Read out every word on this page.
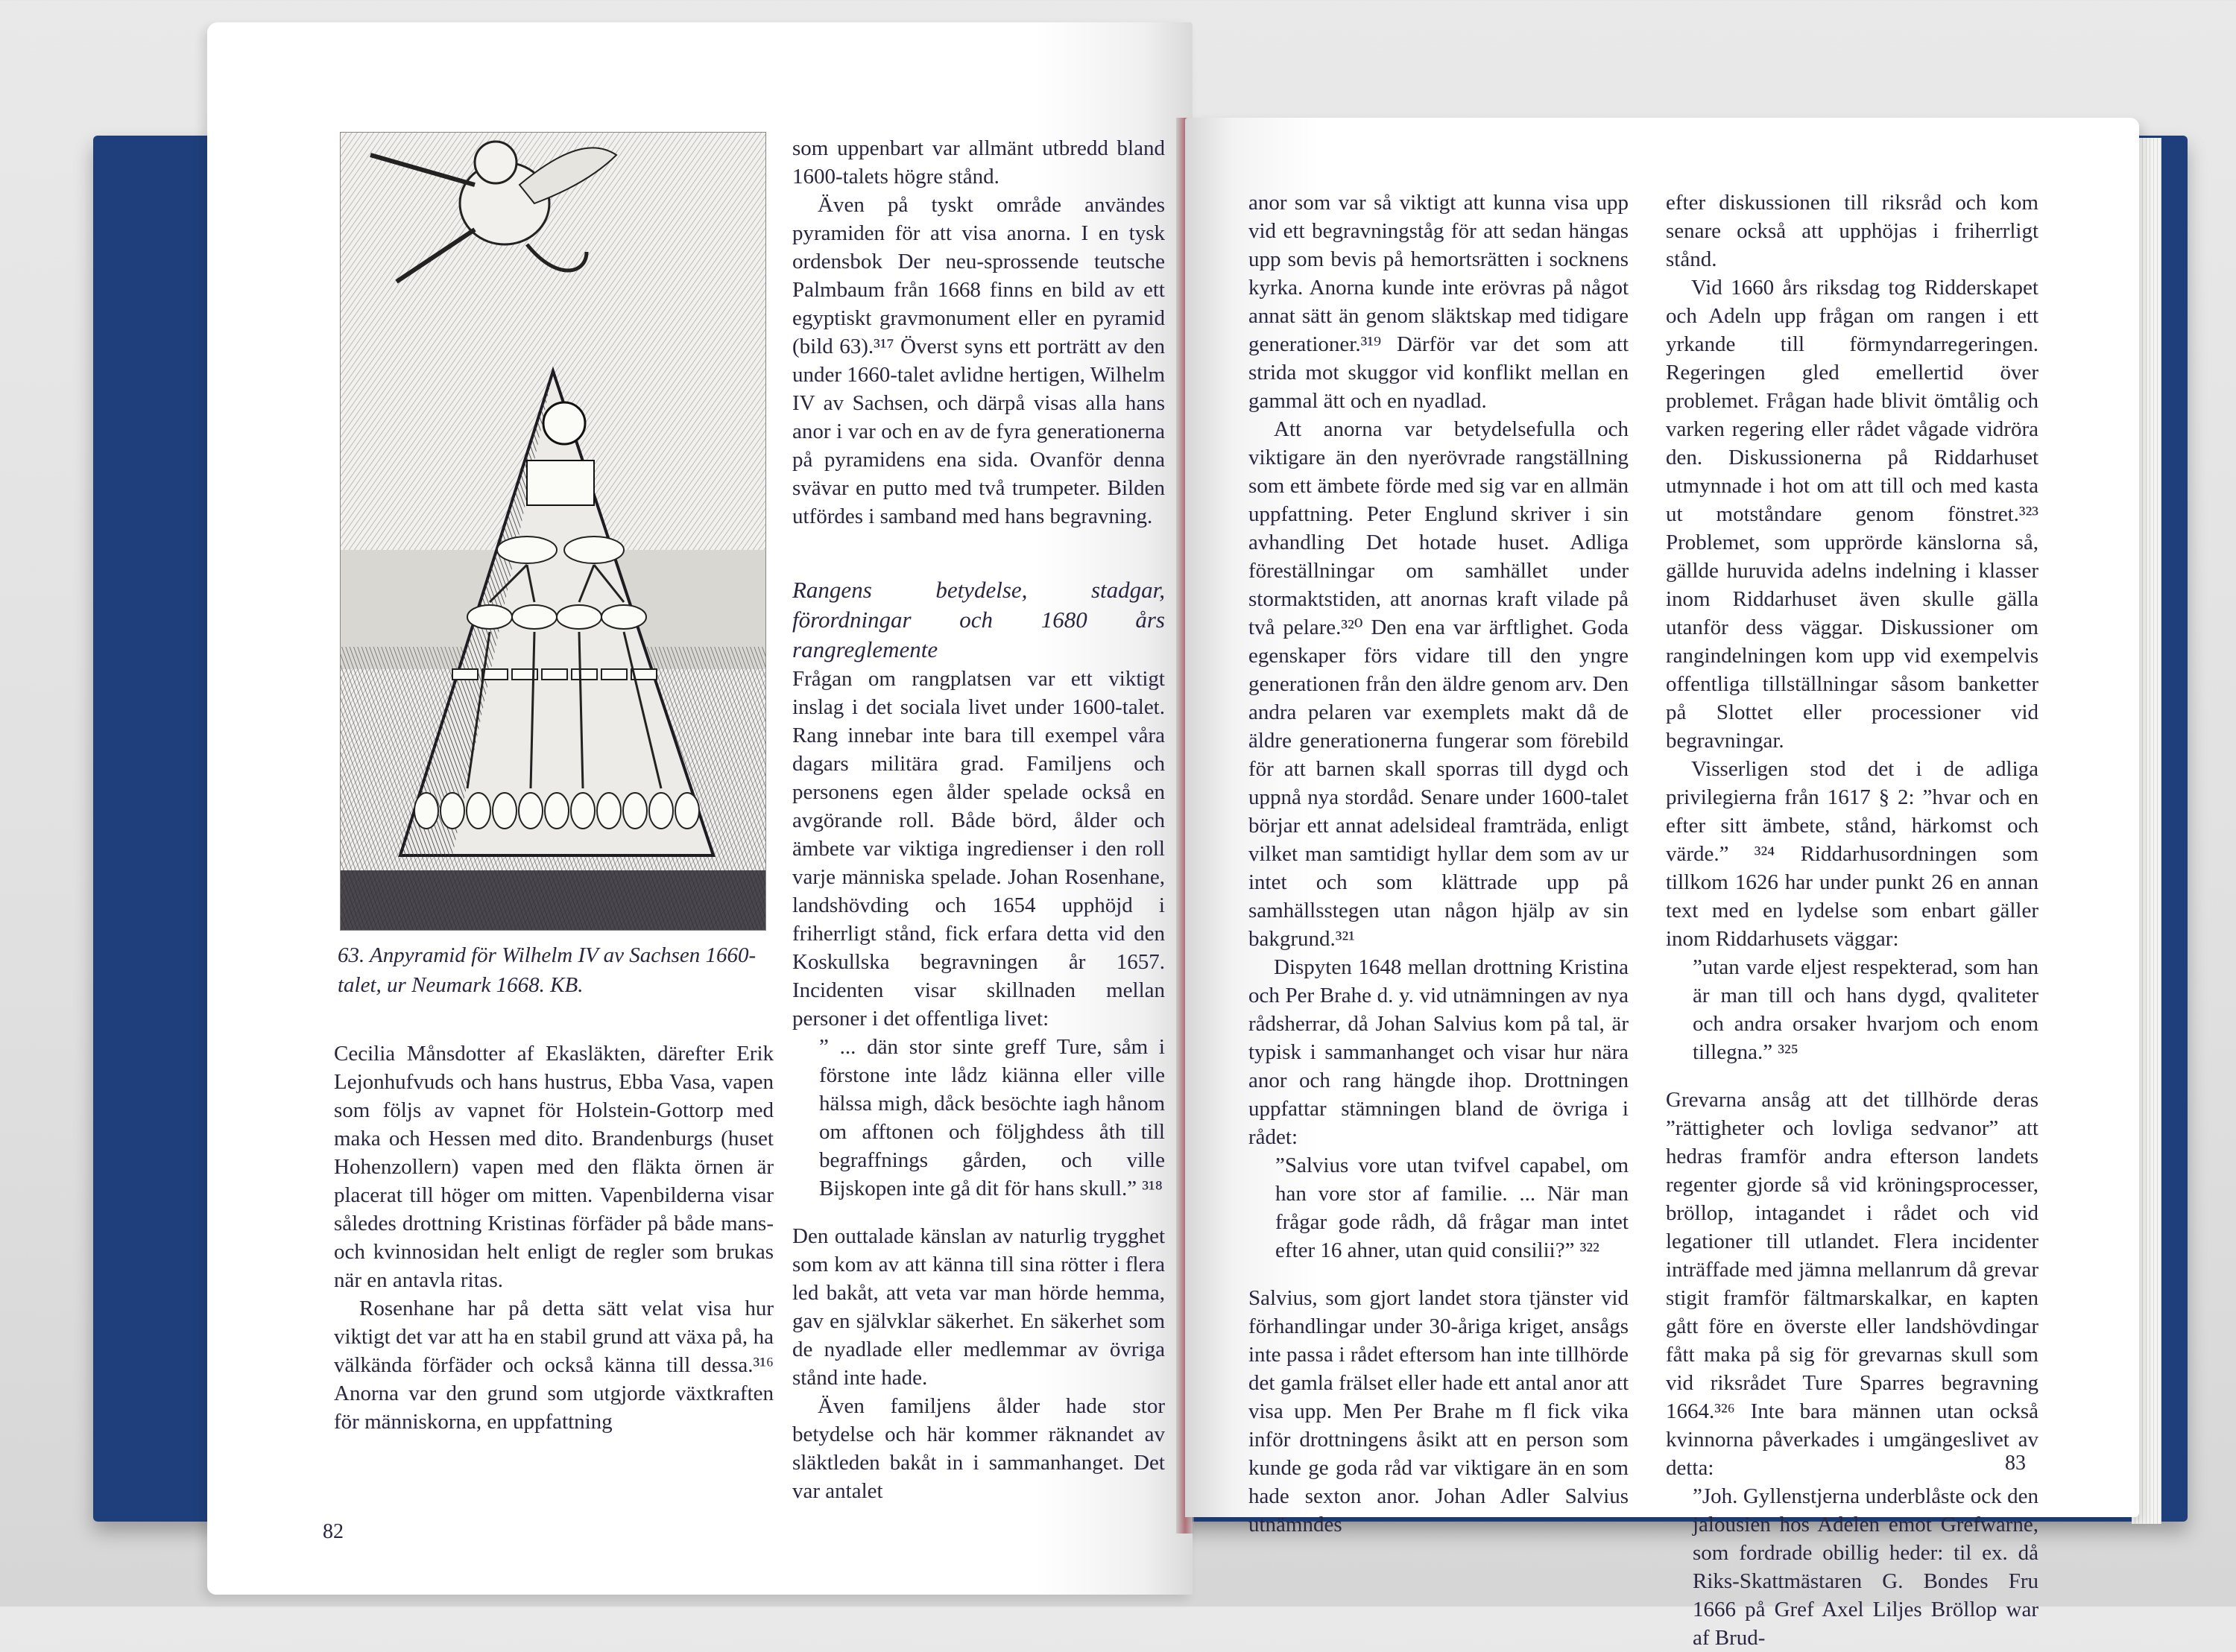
63. Anpyramid för Wilhelm IV av Sachsen 1660-talet, ur Neumark 1668. KB.

Cecilia Månsdotter af Ekasläkten, därefter Erik Lejonhufvuds och hans hustrus, Ebba Vasa, vapen som följs av vapnet för Holstein-Gottorp med maka och Hessen med dito. Brandenburgs (huset Hohenzollern) vapen med den fläkta örnen är placerat till höger om mitten. Vapenbilderna visar således drottning Kristinas förfäder på både mans- och kvinnosidan helt enligt de regler som brukas när en antavla ritas.

Rosenhane har på detta sätt velat visa hur viktigt det var att ha en stabil grund att växa på, ha välkända förfäder och också känna till dessa.³¹⁶ Anorna var den grund som utgjorde växtkraften för människorna, en uppfattning

som uppenbart var allmänt utbredd bland 1600-talets högre stånd.

Även på tyskt område användes pyramiden för att visa anorna. I en tysk ordensbok Der neu-sprossende teutsche Palmbaum från 1668 finns en bild av ett egyptiskt gravmonument eller en pyramid (bild 63).³¹⁷ Överst syns ett porträtt av den under 1660-talet avlidne hertigen, Wilhelm IV av Sachsen, och därpå visas alla hans anor i var och en av de fyra generationerna på pyramidens ena sida. Ovanför denna svävar en putto med två trumpeter. Bilden utfördes i samband med hans begravning.

Rangens betydelse, stadgar, förordningar och 1680 års rangreglemente

Frågan om rangplatsen var ett viktigt inslag i det sociala livet under 1600-talet. Rang innebar inte bara till exempel våra dagars militära grad. Familjens och personens egen ålder spelade också en avgörande roll. Både börd, ålder och ämbete var viktiga ingredienser i den roll varje människa spelade. Johan Rosenhane, landshövding och 1654 upphöjd i friherrligt stånd, fick erfara detta vid den Koskullska begravningen år 1657. Incidenten visar skillnaden mellan personer i det offentliga livet:

” ... dän stor sinte greff Ture, såm i förstone inte lådz kiänna eller ville hälssa migh, dåck besöchte iagh hånom om afftonen och följghdess åth till begraffnings gården, och ville Bijskopen inte gå dit för hans skull.” ³¹⁸

Den outtalade känslan av naturlig trygghet som kom av att känna till sina rötter i flera led bakåt, att veta var man hörde hemma, gav en självklar säkerhet. En säkerhet som de nyadlade eller medlemmar av övriga stånd inte hade.

Även familjens ålder hade stor betydelse och här kommer räknandet av släktleden bakåt in i sammanhanget. Det var antalet

82

anor som var så viktigt att kunna visa upp vid ett begravningståg för att sedan hängas upp som bevis på hemortsrätten i socknens kyrka. Anorna kunde inte erövras på något annat sätt än genom släktskap med tidigare generationer.³¹⁹ Därför var det som att strida mot skuggor vid konflikt mellan en gammal ätt och en nyadlad.

Att anorna var betydelsefulla och viktigare än den nyerövrade rangställning som ett ämbete förde med sig var en allmän uppfattning. Peter Englund skriver i sin avhandling Det hotade huset. Adliga föreställningar om samhället under stormaktstiden, att anornas kraft vilade på två pelare.³²⁰ Den ena var ärftlighet. Goda egenskaper förs vidare till den yngre generationen från den äldre genom arv. Den andra pelaren var exemplets makt då de äldre generationerna fungerar som förebild för att barnen skall sporras till dygd och uppnå nya stordåd. Senare under 1600-talet börjar ett annat adelsideal framträda, enligt vilket man samtidigt hyllar dem som av ur intet och som klättrade upp på samhällsstegen utan någon hjälp av sin bakgrund.³²¹

Dispyten 1648 mellan drottning Kristina och Per Brahe d. y. vid utnämningen av nya rådsherrar, då Johan Salvius kom på tal, är typisk i sammanhanget och visar hur nära anor och rang hängde ihop. Drottningen uppfattar stämningen bland de övriga i rådet:

”Salvius vore utan tvifvel capabel, om han vore stor af familie. ... När man frågar gode rådh, då frågar man intet efter 16 ahner, utan quid consilii?” ³²²

Salvius, som gjort landet stora tjänster vid förhandlingar under 30-åriga kriget, ansågs inte passa i rådet eftersom han inte tillhörde det gamla frälset eller hade ett antal anor att visa upp. Men Per Brahe m fl fick vika inför drottningens åsikt att en person som kunde ge goda råd var viktigare än en som hade sexton anor. Johan Adler Salvius utnämndes

efter diskussionen till riksråd och kom senare också att upphöjas i friherrligt stånd.

Vid 1660 års riksdag tog Ridderskapet och Adeln upp frågan om rangen i ett yrkande till förmyndarregeringen. Regeringen gled emellertid över problemet. Frågan hade blivit ömtålig och varken regering eller rådet vågade vidröra den. Diskussionerna på Riddarhuset utmynnade i hot om att till och med kasta ut motståndare genom fönstret.³²³ Problemet, som upprörde känslorna så, gällde huruvida adelns indelning i klasser inom Riddarhuset även skulle gälla utanför dess väggar. Diskussioner om rangindelningen kom upp vid exempelvis offentliga tillställningar såsom banketter på Slottet eller processioner vid begravningar.

Visserligen stod det i de adliga privilegierna från 1617 § 2: ”hvar och en efter sitt ämbete, stånd, härkomst och värde.” ³²⁴ Riddarhusordningen som tillkom 1626 har under punkt 26 en annan text med en lydelse som enbart gäller inom Riddarhusets väggar:

”utan varde eljest respekterad, som han är man till och hans dygd, qvaliteter och andra orsaker hvarjom och enom tillegna.” ³²⁵

Grevarna ansåg att det tillhörde deras ”rättigheter och lovliga sedvanor” att hedras framför andra efterson landets regenter gjorde så vid kröningsprocesser, bröllop, intagandet i rådet och vid legationer till utlandet. Flera incidenter inträffade med jämna mellanrum då grevar stigit framför fältmarskalkar, en kapten gått före en överste eller landshövdingar fått maka på sig för grevarnas skull som vid riksrådet Ture Sparres begravning 1664.³²⁶ Inte bara männen utan också kvinnorna påverkades i umgängeslivet av detta:

”Joh. Gyllenstjerna underblåste ock den jalousien hos Adelen emot Grefwarne, som fordrade obillig heder: til ex. då Riks-Skattmästaren G. Bondes Fru 1666 på Gref Axel Liljes Bröllop war af Brud-

83
